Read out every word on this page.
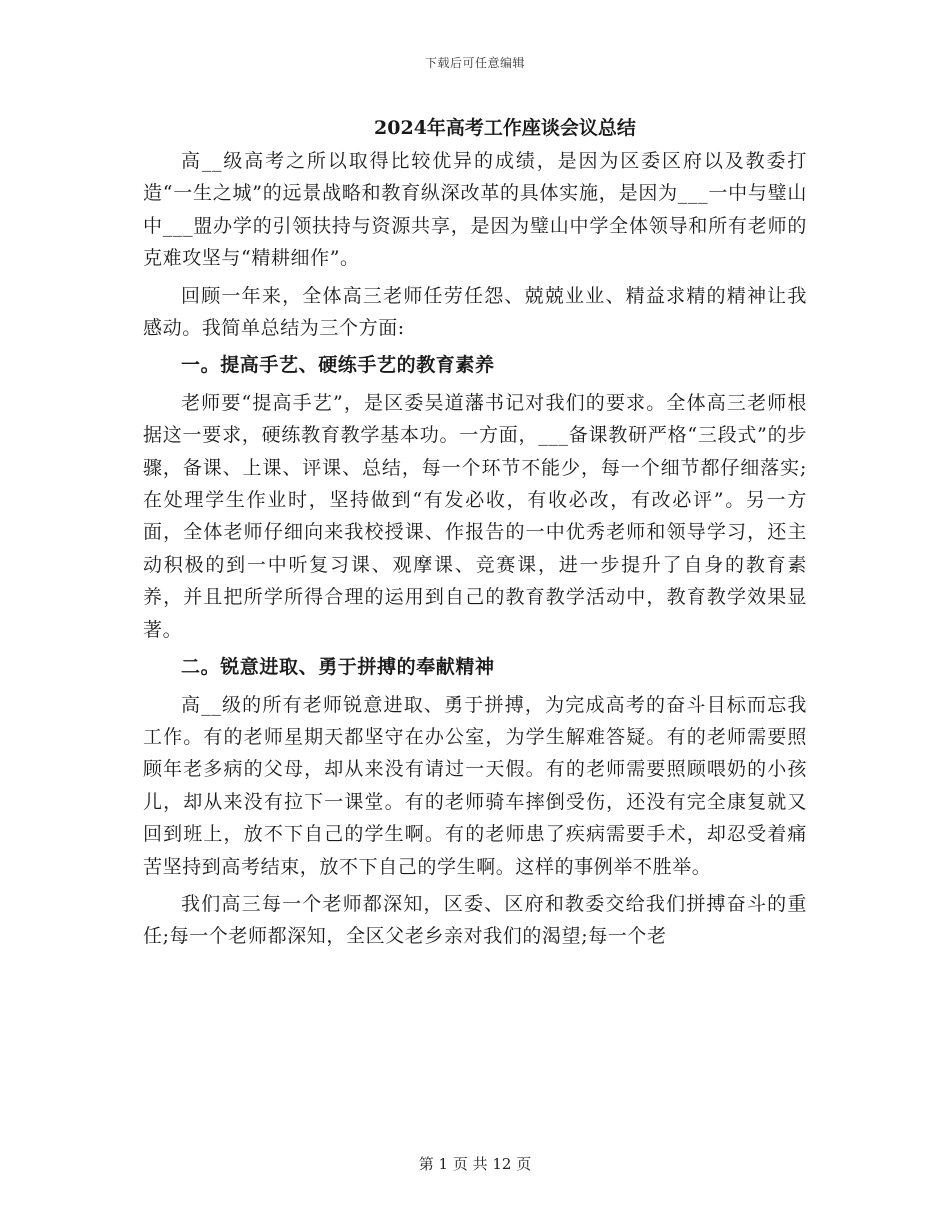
下载后可任意编辑
2024年高考工作座谈会议总结

高__级高考之所以取得比较优异的成绩，是因为区委区府以及教委打造“一生之城”的远景战略和教育纵深改革的具体实施，是因为___一中与璧山中___盟办学的引领扶持与资源共享，是因为璧山中学全体领导和所有老师的克难攻坚与“精耕细作”。

回顾一年来，全体高三老师任劳任怨、兢兢业业、精益求精的精神让我感动。我简单总结为三个方面:

一。提高手艺、硬练手艺的教育素养

老师要“提高手艺”，是区委吴道藩书记对我们的要求。全体高三老师根据这一要求，硬练教育教学基本功。一方面，___备课教研严格“三段式”的步骤，备课、上课、评课、总结，每一个环节不能少，每一个细节都仔细落实;在处理学生作业时，坚持做到“有发必收，有收必改，有改必评”。另一方面，全体老师仔细向来我校授课、作报告的一中优秀老师和领导学习，还主动积极的到一中听复习课、观摩课、竞赛课，进一步提升了自身的教育素养，并且把所学所得合理的运用到自己的教育教学活动中，教育教学效果显著。

二。锐意进取、勇于拼搏的奉献精神

高__级的所有老师锐意进取、勇于拼搏，为完成高考的奋斗目标而忘我工作。有的老师星期天都坚守在办公室，为学生解难答疑。有的老师需要照顾年老多病的父母，却从来没有请过一天假。有的老师需要照顾喂奶的小孩儿，却从来没有拉下一课堂。有的老师骑车摔倒受伤，还没有完全康复就又回到班上，放不下自己的学生啊。有的老师患了疾病需要手术，却忍受着痛苦坚持到高考结束，放不下自己的学生啊。这样的事例举不胜举。

我们高三每一个老师都深知，区委、区府和教委交给我们拼搏奋斗的重任;每一个老师都深知，全区父老乡亲对我们的渴望;每一个老

第 1 页 共 12 页
